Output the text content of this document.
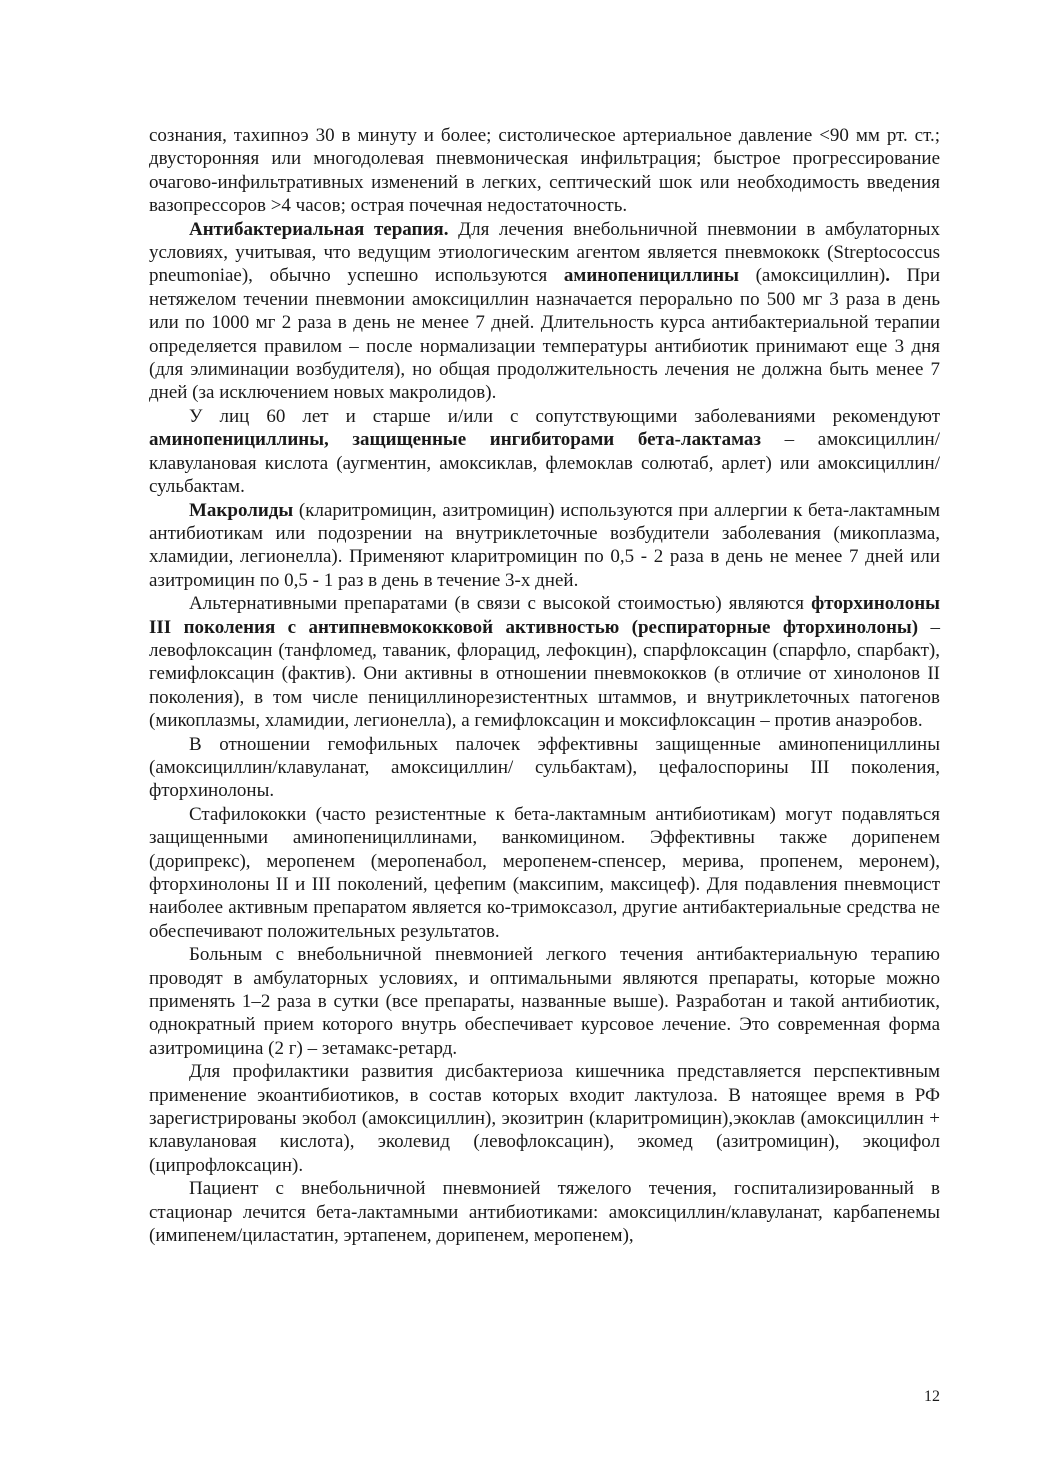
сознания, тахипноэ 30 в минуту и более; систолическое артериальное давление <90 мм рт. ст.; двусторонняя или многодолевая пневмоническая инфильтрация; быстрое прогрессирование очагово-инфильтративных изменений в легких, септический шок или необходимость введения вазопрессоров >4 часов; острая почечная недостаточность.

Антибактериальная терапия. Для лечения внебольничной пневмонии в амбулаторных условиях, учитывая, что ведущим этиологическим агентом является пневмококк (Streptococcus pneumoniae), обычно успешно используются аминопенициллины (амоксициллин). При нетяжелом течении пневмонии амоксициллин назначается перорально по 500 мг 3 раза в день или по 1000 мг 2 раза в день не менее 7 дней. Длительность курса антибактериальной терапии определяется правилом – после нормализации температуры антибиотик принимают еще 3 дня (для элиминации возбудителя), но общая продолжительность лечения не должна быть менее 7 дней (за исключением новых макролидов).

У лиц 60 лет и старше и/или с сопутствующими заболеваниями рекомендуют аминопенициллины, защищенные ингибиторами бета-лактамаз – амоксициллин/клавулановая кислота (аугментин, амоксиклав, флемоклав солютаб, арлет) или амоксициллин/сульбактам.

Макролиды (кларитромицин, азитромицин) используются при аллергии к бета-лактамным антибиотикам или подозрении на внутриклеточные возбудители заболевания (микоплазма, хламидии, легионелла). Применяют кларитромицин по 0,5 - 2 раза в день не менее 7 дней или азитромицин по 0,5 - 1 раз в день в течение 3-х дней.

Альтернативными препаратами (в связи с высокой стоимостью) являются фторхинолоны III поколения с антипневмококковой активностью (респираторные фторхинолоны) – левофлоксацин (танфломед, таваник, флорацид, лефокцин), спарфлоксацин (спарфло, спарбакт), гемифлоксацин (фактив). Они активны в отношении пневмококков (в отличие от хинолонов II поколения), в том числе пенициллинорезистентных штаммов, и внутриклеточных патогенов (микоплазмы, хламидии, легионелла), а гемифлоксацин и моксифлоксацин – против анаэробов.

В отношении гемофильных палочек эффективны защищенные аминопенициллины (амоксициллин/клавуланат, амоксициллин/ сульбактам), цефалоспорины III поколения, фторхинолоны.

Стафилококки (часто резистентные к бета-лактамным антибиотикам) могут подавляться защищенными аминопенициллинами, ванкомицином. Эффективны также дорипенем (дорипрекс), меропенем (меропенабол, меропенем-спенсер, мерива, пропенем, меронем), фторхинолоны II и III поколений, цефепим (максипим, максицеф). Для подавления пневмоцист наиболее активным препаратом является ко-тримоксазол, другие антибактериальные средства не обеспечивают положительных результатов.

Больным с внебольничной пневмонией легкого течения антибактериальную терапию проводят в амбулаторных условиях, и оптимальными являются препараты, которые можно применять 1–2 раза в сутки (все препараты, названные выше). Разработан и такой антибиотик, однократный прием которого внутрь обеспечивает курсовое лечение. Это современная форма азитромицина (2 г) – зетамакс-ретард.

Для профилактики развития дисбактериоза кишечника представляется перспективным применение экоантибиотиков, в состав которых входит лактулоза. В натоящее время в РФ зарегистрированы экобол (амоксициллин), экозитрин (кларитромицин),экоклав (амоксициллин + клавулановая кислота), эколевид (левофлоксацин), экомед (азитромицин), экоцифол (ципрофлоксацин).

Пациент с внебольничной пневмонией тяжелого течения, госпитализированный в стационар лечится бета-лактамными антибиотиками: амоксициллин/клавуланат, карбапенемы (имипенем/циластатин, эртапенем, дорипенем, меропенем),

12
